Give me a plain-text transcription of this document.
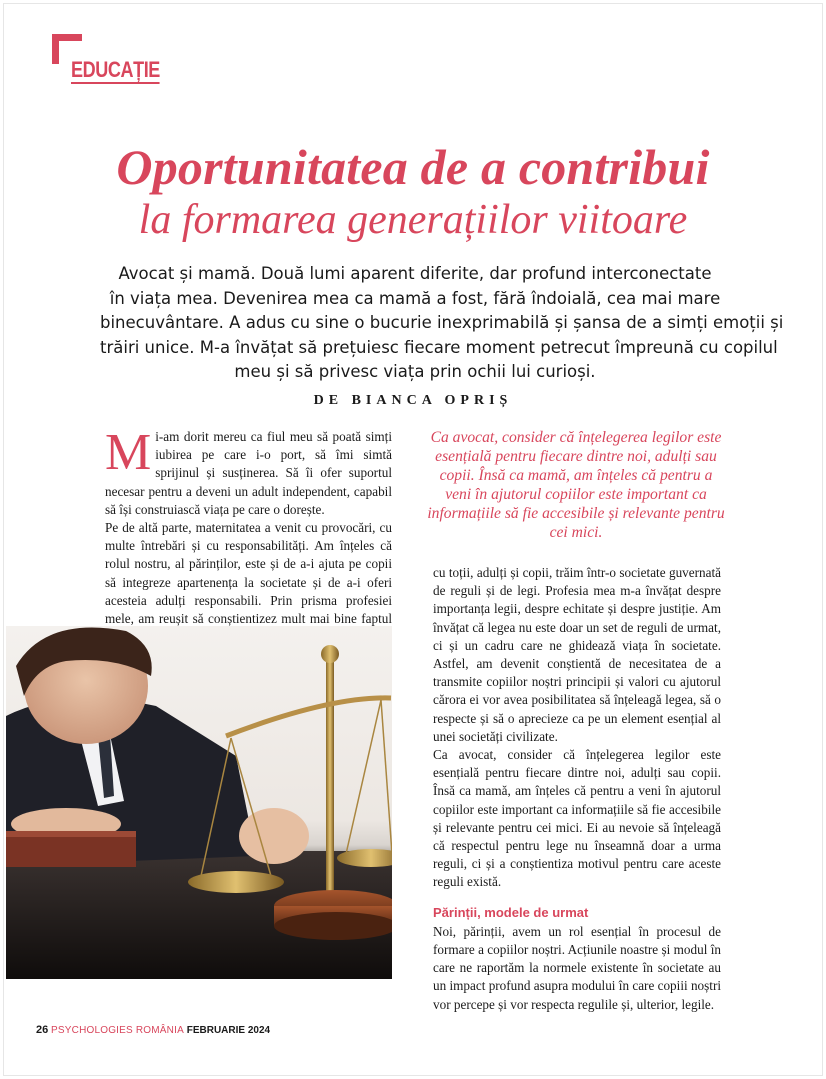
EDUCAȚIE
Oportunitatea de a contribui
la formarea generațiilor viitoare
Avocat și mamă. Două lumi aparent diferite, dar profund interconectate
în viața mea. Devenirea mea ca mamă a fost, fără îndoială, cea mai mare
binecuvântare. A adus cu sine o bucurie inexprimabilă și șansa de a simți emoții și
trăiri unice. M-a învățat să prețuiesc fiecare moment petrecut împreună cu copilul
meu și să privesc viața prin ochii lui curioși.
DE BIANCA OPRIȘ

Mi-am dorit mereu ca fiul meu să poată simți iubirea pe care i-o port, să îmi simtă sprijinul și susținerea. Să îi ofer suportul necesar pentru a deveni un adult independent, capabil să își construiască viața pe care o dorește.

Pe de altă parte, maternitatea a venit cu provocări, cu multe întrebări și cu responsabilități. Am înțeles că rolul nostru, al părinților, este și de a-i ajuta pe copii să integreze apartenența la societate și de a-i oferi acesteia adulți responsabili. Prin prisma profesiei mele, am reușit să conștientizez mult mai bine faptul

Ca avocat, consider că înțelegerea legilor este esențială pentru fiecare dintre noi, adulți sau copii. Însă ca mamă, am înțeles că pentru a veni în ajutorul copiilor este important ca informațiile să fie accesibile și relevante pentru cei mici.

cu toții, adulți și copii, trăim într-o societate guvernată de reguli și de legi. Profesia mea m-a învățat despre importanța legii, despre echitate și despre justiție. Am învățat că legea nu este doar un set de reguli de urmat, ci și un cadru care ne ghidează viața în societate. Astfel, am devenit conștientă de necesitatea de a transmite copiilor noștri principii și valori cu ajutorul cărora ei vor avea posibilitatea să înțeleagă legea, să o respecte și să o aprecieze ca pe un element esențial al unei societăți civilizate.

Ca avocat, consider că înțelegerea legilor este esențială pentru fiecare dintre noi, adulți sau copii. Însă ca mamă, am înțeles că pentru a veni în ajutorul copiilor este important ca informațiile să fie accesibile și relevante pentru cei mici. Ei au nevoie să înțeleagă că respectul pentru lege nu înseamnă doar a urma reguli, ci și a conștientiza motivul pentru care aceste reguli există.

Părinții, modele de urmat

Noi, părinții, avem un rol esențial în procesul de formare a copiilor noștri. Acțiunile noastre și modul în care ne raportăm la normele existente în societate au un impact profund asupra modului în care copiii noștri vor percepe și vor respecta regulile și, ulterior, legile.

26 PSYCHOLOGIES ROMÂNIA FEBRUARIE 2024
